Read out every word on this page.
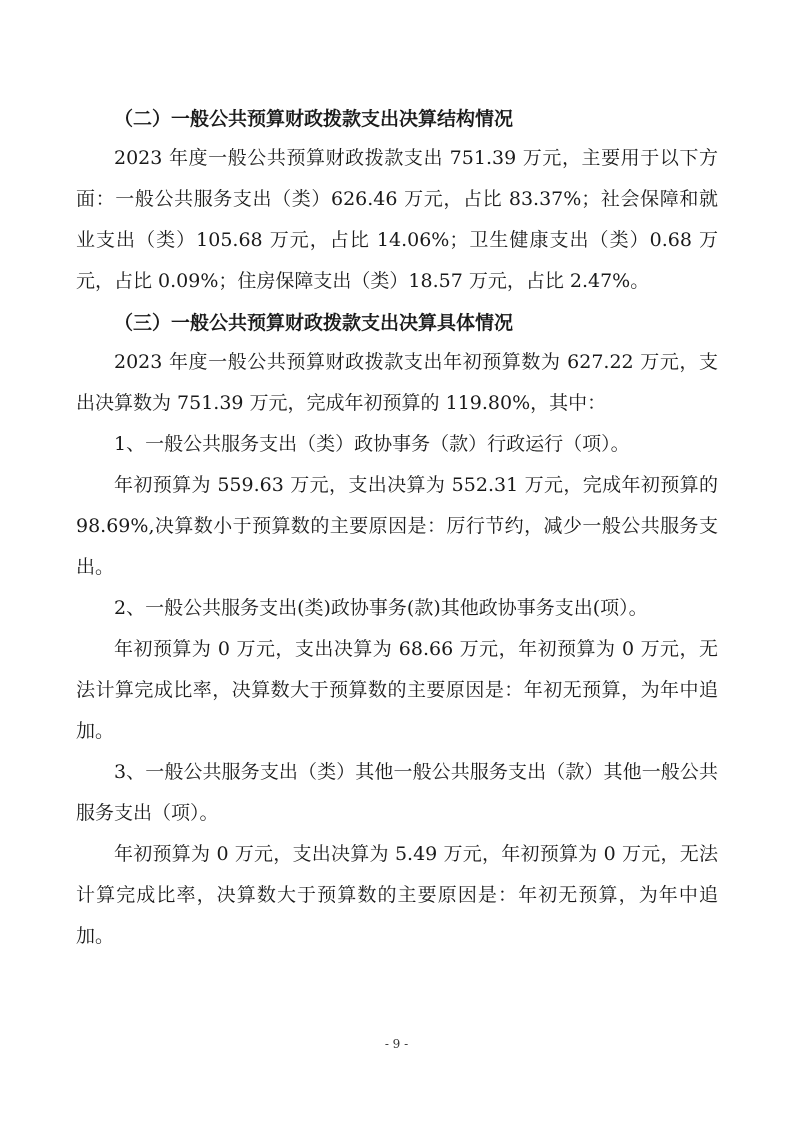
（二）一般公共预算财政拨款支出决算结构情况

2023 年度一般公共预算财政拨款支出 751.39 万元，主要用于以下方面：一般公共服务支出（类）626.46 万元，占比 83.37%；社会保障和就业支出（类）105.68 万元，占比 14.06%；卫生健康支出（类）0.68 万元，占比 0.09%；住房保障支出（类）18.57 万元，占比 2.47%。

（三）一般公共预算财政拨款支出决算具体情况

2023 年度一般公共预算财政拨款支出年初预算数为 627.22 万元，支出决算数为 751.39 万元，完成年初预算的 119.80%，其中：

1、一般公共服务支出（类）政协事务（款）行政运行（项）。

年初预算为 559.63 万元，支出决算为 552.31 万元，完成年初预算的 98.69%,决算数小于预算数的主要原因是：厉行节约，减少一般公共服务支出。

2、一般公共服务支出(类)政协事务(款)其他政协事务支出(项）。

年初预算为 0 万元，支出决算为 68.66 万元，年初预算为 0 万元，无法计算完成比率，决算数大于预算数的主要原因是：年初无预算，为年中追加。

3、一般公共服务支出（类）其他一般公共服务支出（款）其他一般公共服务支出（项）。

年初预算为 0 万元，支出决算为 5.49 万元，年初预算为 0 万元，无法计算完成比率，决算数大于预算数的主要原因是：年初无预算，为年中追加。

- 9 -
